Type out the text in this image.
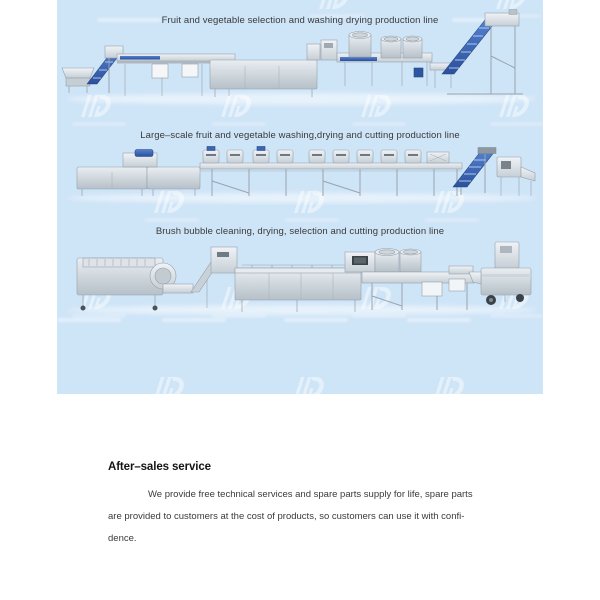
Fruit and vegetable selection and washing drying production line
Large–scale fruit and vegetable washing,drying and cutting production line
Brush bubble cleaning, drying, selection and cutting production line
After–sales service
We provide free technical services and spare parts supply for life, spare parts
are provided to customers at the cost of products, so customers can use it with confi-
dence.
